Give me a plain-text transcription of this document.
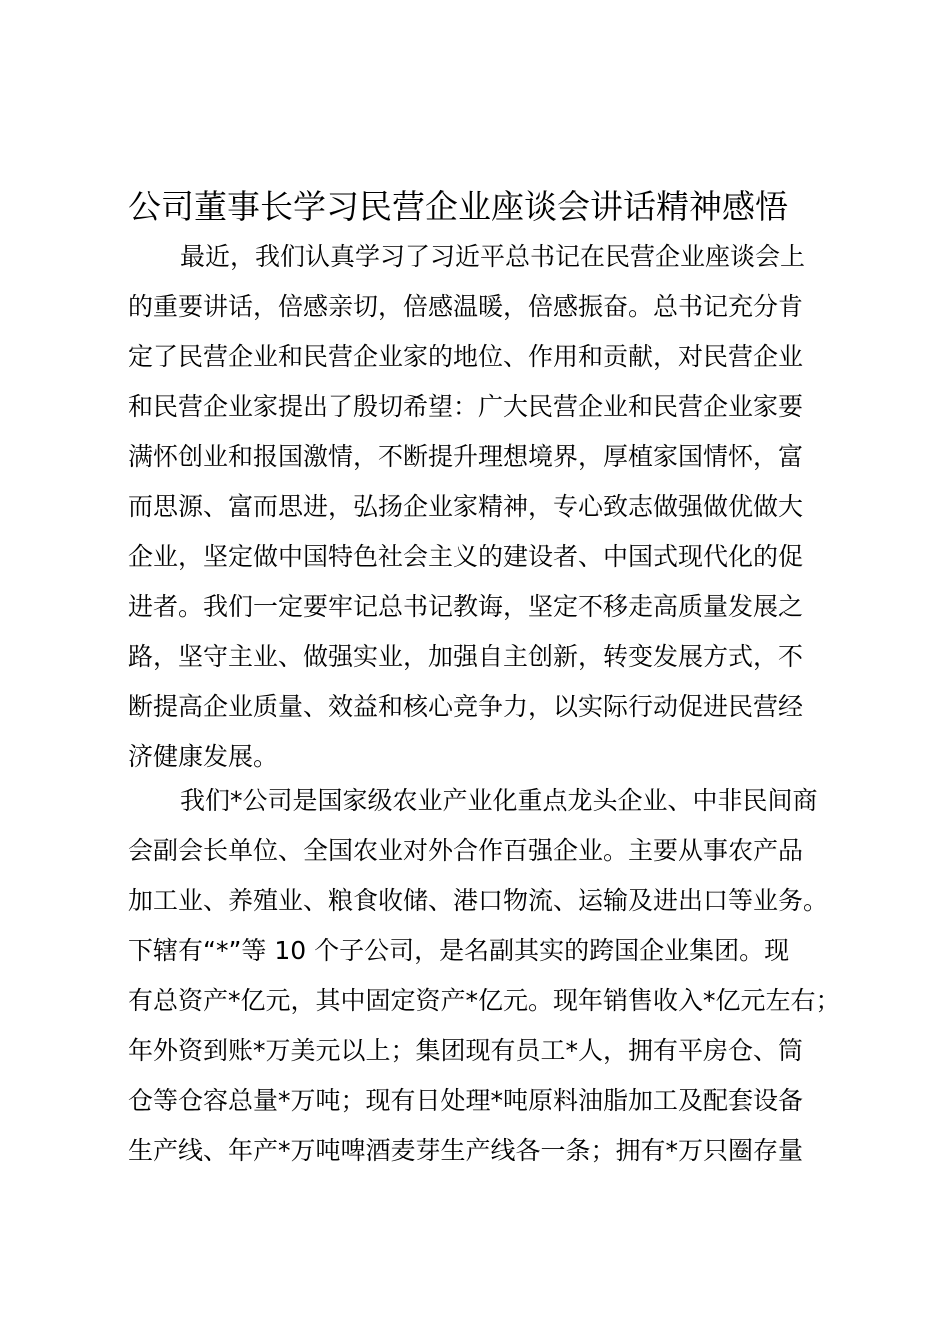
公司董事长学习民营企业座谈会讲话精神感悟
最近，我们认真学习了习近平总书记在民营企业座谈会上
的重要讲话，倍感亲切，倍感温暖，倍感振奋。总书记充分肯
定了民营企业和民营企业家的地位、作用和贡献，对民营企业
和民营企业家提出了殷切希望：广大民营企业和民营企业家要
满怀创业和报国激情，不断提升理想境界，厚植家国情怀，富
而思源、富而思进，弘扬企业家精神，专心致志做强做优做大
企业，坚定做中国特色社会主义的建设者、中国式现代化的促
进者。我们一定要牢记总书记教诲，坚定不移走高质量发展之
路，坚守主业、做强实业，加强自主创新，转变发展方式，不
断提高企业质量、效益和核心竞争力，以实际行动促进民营经
济健康发展。
我们*公司是国家级农业产业化重点龙头企业、中非民间商
会副会长单位、全国农业对外合作百强企业。主要从事农产品
加工业、养殖业、粮食收储、港口物流、运输及进出口等业务。
下辖有“*”等 10 个子公司，是名副其实的跨国企业集团。现
有总资产*亿元，其中固定资产*亿元。现年销售收入*亿元左右；
年外资到账*万美元以上；集团现有员工*人，拥有平房仓、筒
仓等仓容总量*万吨；现有日处理*吨原料油脂加工及配套设备
生产线、年产*万吨啤酒麦芽生产线各一条；拥有*万只圈存量
